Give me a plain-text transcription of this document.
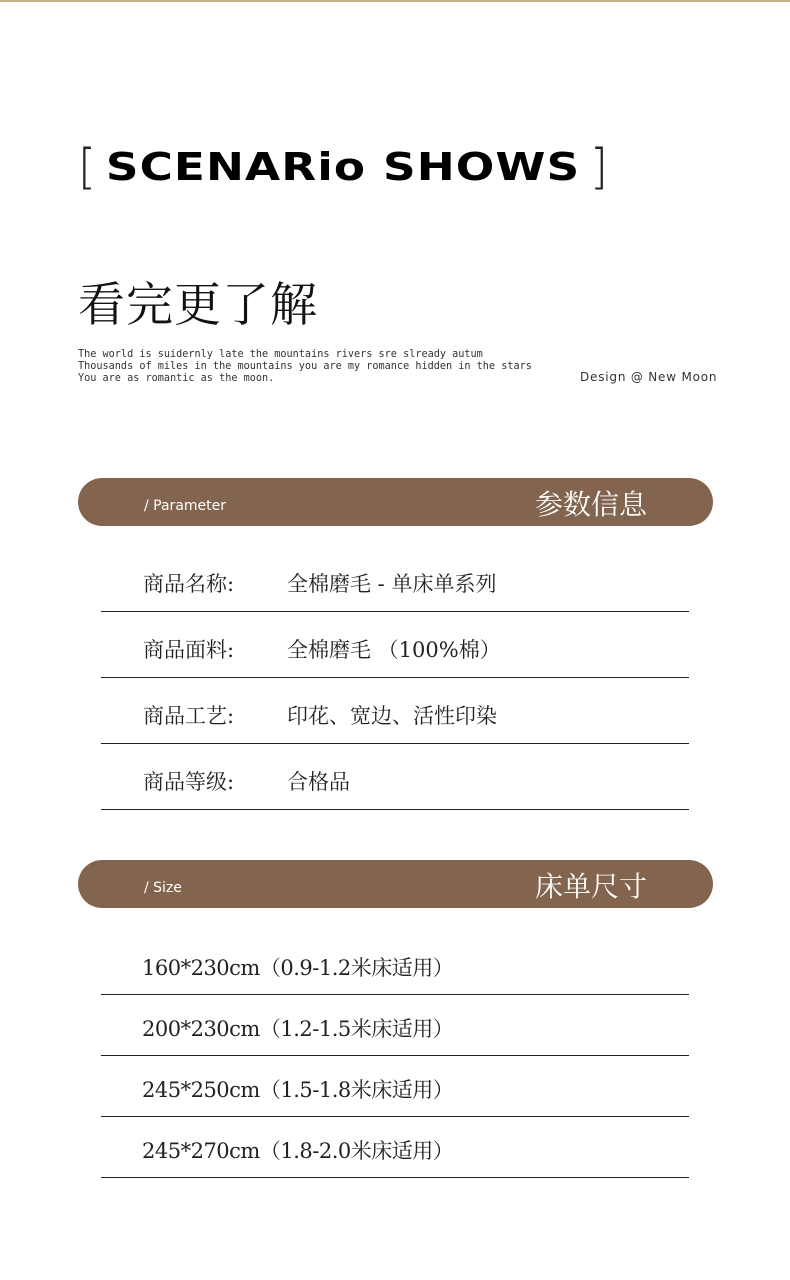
[ SCENARio SHOWS ]
看完更了解
The world is suidernly late the mountains rivers sre slready autum
Thousands of miles in the mountains you are my romance hidden in the stars
You are as romantic as the moon.	Design @ New Moon
/ Parameter	参数信息
商品名称:	全棉磨毛 - 单床单系列
商品面料:	全棉磨毛 （100%棉）
商品工艺:	印花、宽边、活性印染
商品等级:	合格品
/ Size	床单尺寸
160*230cm（0.9-1.2米床适用）
200*230cm（1.2-1.5米床适用）
245*250cm（1.5-1.8米床适用）
245*270cm（1.8-2.0米床适用）
